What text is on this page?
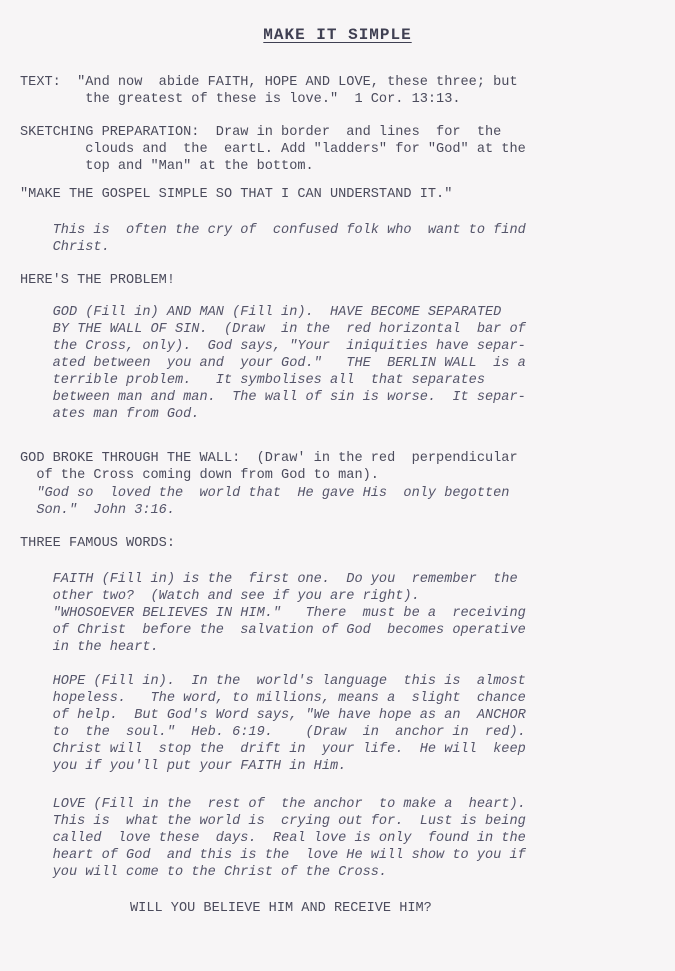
MAKE IT SIMPLE
TEXT:  "And now  abide FAITH, HOPE AND LOVE, these three; but
the greatest of these is love."  1 Cor. 13:13.
SKETCHING PREPARATION:  Draw in border  and lines  for  the
clouds and  the  eartL. Add "ladders" for "God" at the
top and "Man" at the bottom.
"MAKE THE GOSPEL SIMPLE SO THAT I CAN UNDERSTAND IT."
This is  often the cry of  confused folk who  want to find
Christ.
HERE'S THE PROBLEM!
GOD (Fill in) AND MAN (Fill in).  HAVE BECOME SEPARATED
BY THE WALL OF SIN.  (Draw  in the  red horizontal  bar of
the Cross, only).  God says, "Your  iniquities have separ-
ated between  you and  your God."   THE  BERLIN WALL  is a
terrible problem.   It symbolises all  that separates
between man and man.  The wall of sin is worse.  It separ-
ates man from God.
GOD BROKE THROUGH THE WALL:  (Draw' in the red  perpendicular
of the Cross coming down from God to man).
"God so  loved the  world that  He gave His  only begotten
Son."  John 3:16.
THREE FAMOUS WORDS:
FAITH (Fill in) is the  first one.  Do you  remember  the
other two?  (Watch and see if you are right).
"WHOSOEVER BELIEVES IN HIM."   There  must be a  receiving
of Christ  before the  salvation of God  becomes operative
in the heart.
HOPE (Fill in).  In the  world's language  this is  almost
hopeless.   The word, to millions, means a  slight  chance
of help.  But God's Word says, "We have hope as an  ANCHOR
to  the  soul."  Heb. 6:19.    (Draw  in  anchor in  red).
Christ will  stop the  drift in  your life.  He will  keep
you if you'll put your FAITH in Him.
LOVE (Fill in the  rest of  the anchor  to make a  heart).
This is  what the world is  crying out for.  Lust is being
called  love these  days.  Real love is only  found in the
heart of God  and this is the  love He will show to you if
you will come to the Christ of the Cross.
WILL YOU BELIEVE HIM AND RECEIVE HIM?
